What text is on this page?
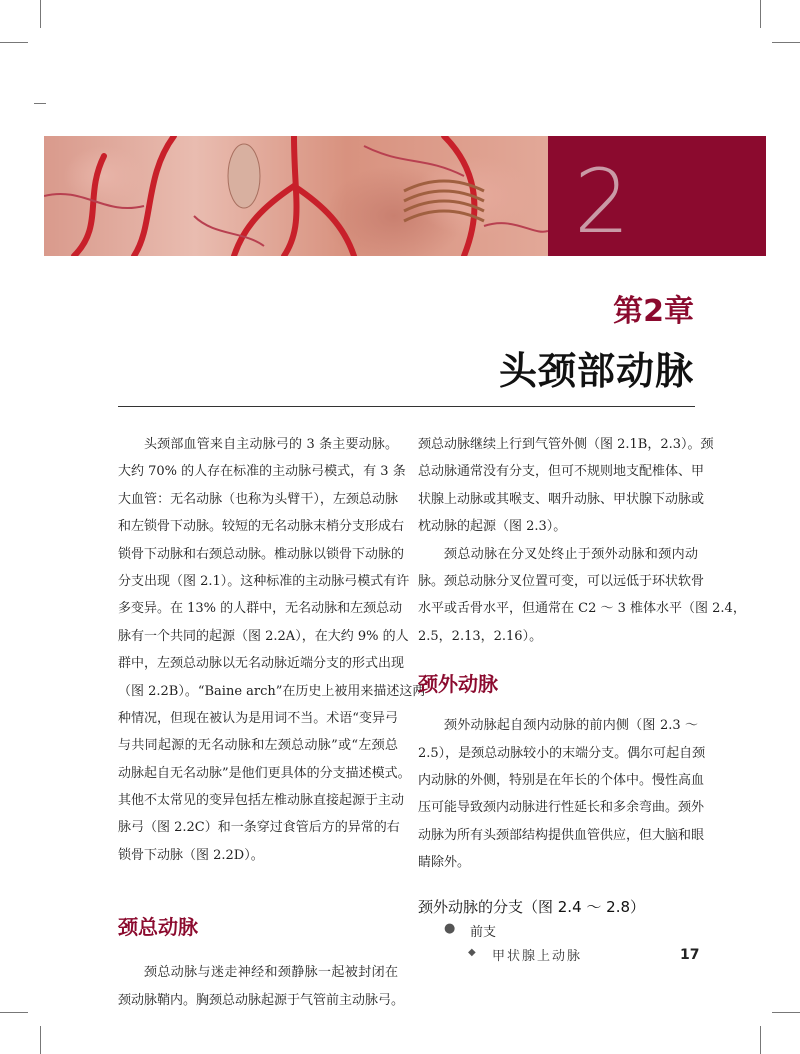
2
第2章
头颈部动脉
头颈部血管来自主动脉弓的 3 条主要动脉。
大约 70% 的人存在标准的主动脉弓模式，有 3 条
大血管：无名动脉（也称为头臂干），左颈总动脉
和左锁骨下动脉。较短的无名动脉末梢分支形成右
锁骨下动脉和右颈总动脉。椎动脉以锁骨下动脉的
分支出现（图 2.1）。这种标准的主动脉弓模式有许
多变异。在 13% 的人群中，无名动脉和左颈总动
脉有一个共同的起源（图 2.2A），在大约 9% 的人
群中，左颈总动脉以无名动脉近端分支的形式出现
（图 2.2B）。“Baine arch”在历史上被用来描述这两
种情况，但现在被认为是用词不当。术语“变异弓
与共同起源的无名动脉和左颈总动脉”或“左颈总
动脉起自无名动脉”是他们更具体的分支描述模式。
其他不太常见的变异包括左椎动脉直接起源于主动
脉弓（图 2.2C）和一条穿过食管后方的异常的右
锁骨下动脉（图 2.2D）。
颈总动脉
颈总动脉与迷走神经和颈静脉一起被封闭在
颈动脉鞘内。胸颈总动脉起源于气管前主动脉弓。
颈总动脉继续上行到气管外侧（图 2.1B，2.3）。颈
总动脉通常没有分支，但可不规则地支配椎体、甲
状腺上动脉或其喉支、咽升动脉、甲状腺下动脉或
枕动脉的起源（图 2.3）。
颈总动脉在分叉处终止于颈外动脉和颈内动
脉。颈总动脉分叉位置可变，可以远低于环状软骨
水平或舌骨水平，但通常在 C2 ～ 3 椎体水平（图 2.4，
2.5，2.13，2.16）。
颈外动脉
颈外动脉起自颈内动脉的前内侧（图 2.3 ～
2.5），是颈总动脉较小的末端分支。偶尔可起自颈
内动脉的外侧，特别是在年长的个体中。慢性高血
压可能导致颈内动脉进行性延长和多余弯曲。颈外
动脉为所有头颈部结构提供血管供应，但大脑和眼
睛除外。
颈外动脉的分支（图 2.4 ～ 2.8）
● 前支
◆ 甲状腺上动脉	17
